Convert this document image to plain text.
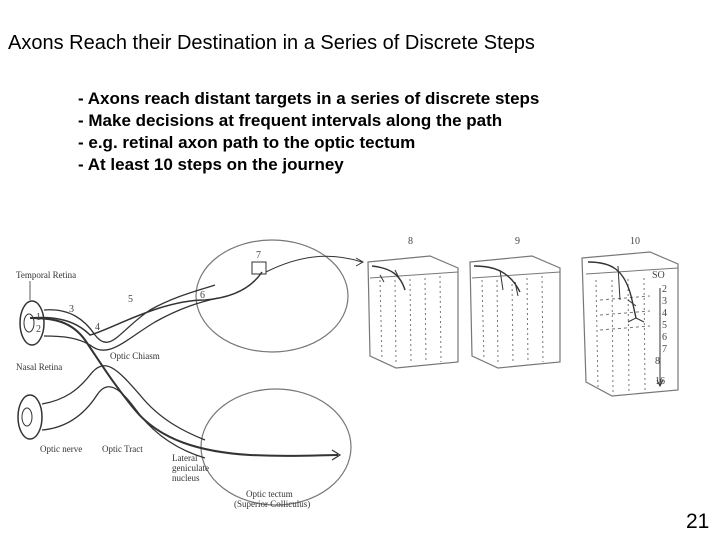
Axons Reach their Destination in a Series of Discrete Steps
- Axons reach distant targets in a series of discrete steps
- Make decisions at frequent intervals along the path
- e.g. retinal axon path to the optic tectum
- At least 10 steps on the journey
1
2
3
4
5	6
7
8	9	10
SO
2
3
4
5
6
7
8
16
Temporal Retina
Nasal Retina
Optic Chiasm
Optic nerve Optic Tract
Lateral
geniculate
nucleus
Optic tectum
(Superior Colliculus)
21
